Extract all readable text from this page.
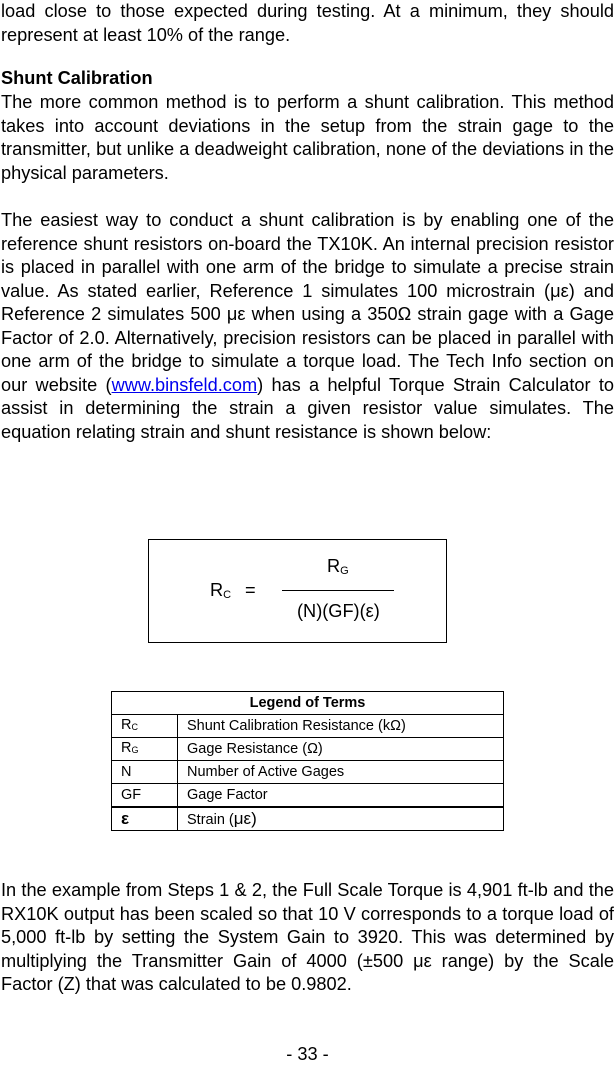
load close to those expected during testing. At a minimum, they should represent at least 10% of the range.

Shunt Calibration

The more common method is to perform a shunt calibration. This method takes into account deviations in the setup from the strain gage to the transmitter, but unlike a deadweight calibration, none of the deviations in the physical parameters.

The easiest way to conduct a shunt calibration is by enabling one of the reference shunt resistors on-board the TX10K. An internal precision resistor is placed in parallel with one arm of the bridge to simulate a precise strain value. As stated earlier, Reference 1 simulates 100 microstrain (με) and Reference 2 simulates 500 με when using a 350Ω strain gage with a Gage Factor of 2.0. Alternatively, precision resistors can be placed in parallel with one arm of the bridge to simulate a torque load. The Tech Info section on our website (www.binsfeld.com) has a helpful Torque Strain Calculator to assist in determining the strain a given resistor value simulates. The equation relating strain and shunt resistance is shown below:

$R_C$ =
$R_G$
(N)(GF)(ε)
Legend of Terms	
$R_C$	Shunt Calibration Resistance (kΩ)
$R_G$	Gage Resistance (Ω)
N	Number of Active Gages
GF	Gage Factor
ε	Strain (με)

In the example from Steps 1 & 2, the Full Scale Torque is 4,901 ft-lb and the RX10K output has been scaled so that 10 V corresponds to a torque load of 5,000 ft-lb by setting the System Gain to 3920. This was determined by multiplying the Transmitter Gain of 4000 (±500 με range) by the Scale Factor (Z) that was calculated to be 0.9802.

- 33 -
